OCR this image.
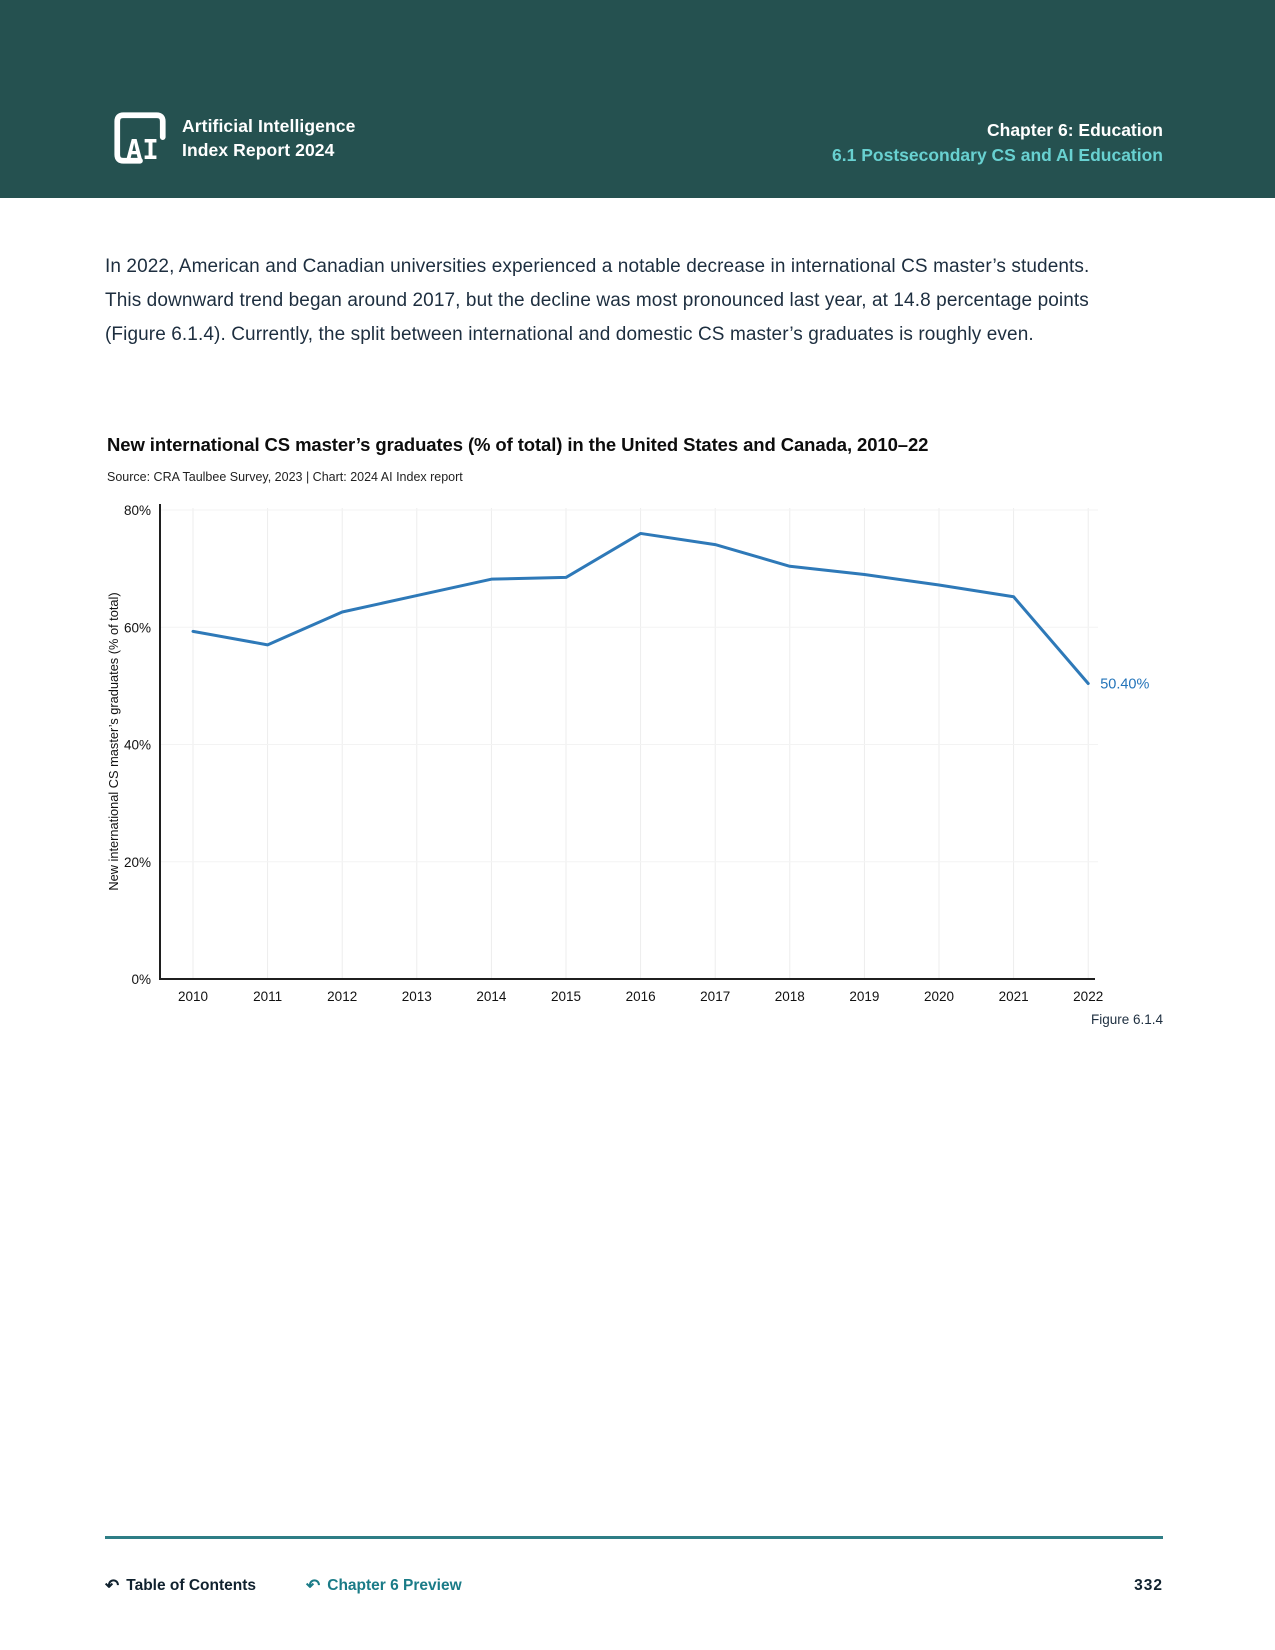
AI
Artificial Intelligence
Index Report 2024
Chapter 6: Education
6.1 Postsecondary CS and AI Education

In 2022, American and Canadian universities experienced a notable decrease in international CS master’s students. This downward trend began around 2017, but the decline was most pronounced last year, at 14.8 percentage points (Figure 6.1.4). Currently, the split between international and domestic CS master’s graduates is roughly even.

New international CS master’s graduates (% of total) in the United States and Canada, 2010–22
Source: CRA Taulbee Survey, 2023 | Chart: 2024 AI Index report
0%
20%
40%
60%
80%
2010	2011	2012	2013	2014	2015	2016	2017	2018	2019	2020	2021	2022
New international CS master’s graduates (% of total)	50.40%
Figure 6.1.4
↶ Table of Contents	↶ Chapter 6 Preview	332
